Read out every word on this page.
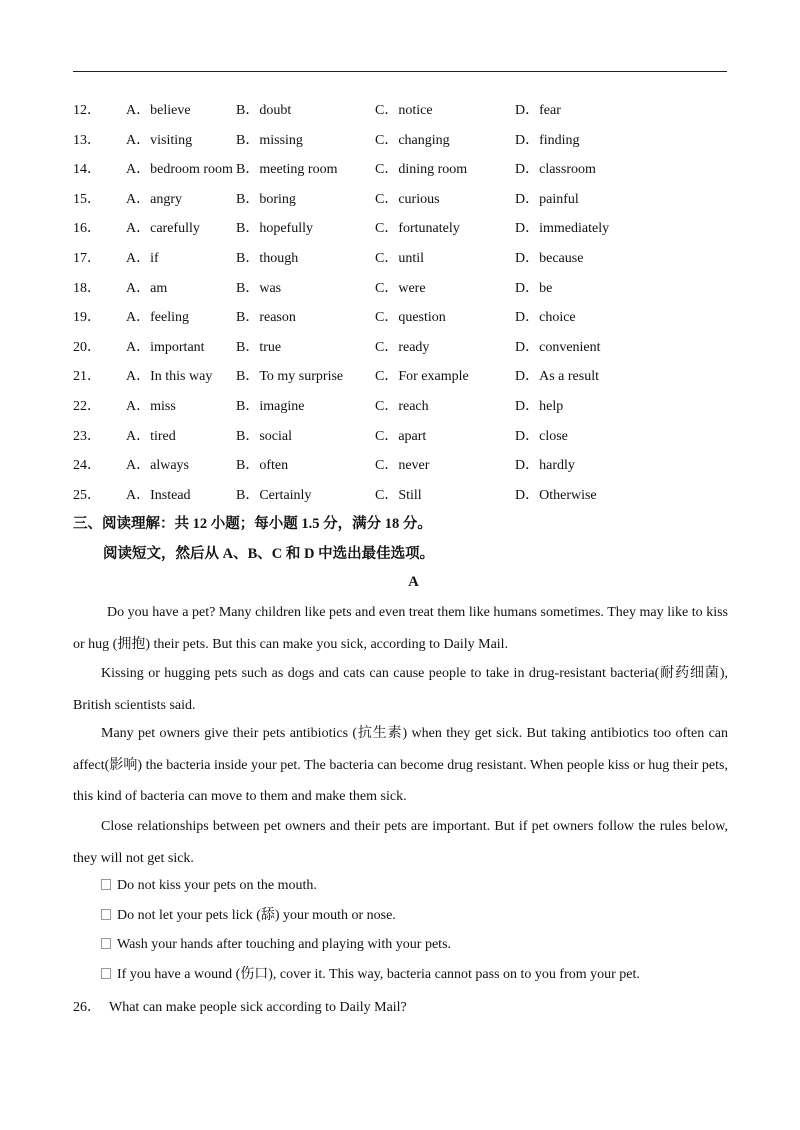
12． A．believe	B．doubt	C．notice	D．fear
13． A．visiting	B．missing	C．changing	D．finding
14． A．bedroom room B．meeting room	C．dining room	D．classroom
15． A．angry	B．boring	C．curious	D．painful
16． A．carefully	B．hopefully	C．fortunately	D．immediately
17． A．if	B．though	C．until	D．because
18． A．am	B．was	C．were	D．be
19． A．feeling	B．reason	C．question	D．choice
20． A．important B．true	C．ready	D．convenient
21． A．In this way B．To my surprise C．For example	D．As a result
22． A．miss	B．imagine	C．reach	D．help
23． A．tired	B．social	C．apart	D．close
24． A．always	B．often	C．never	D．hardly
25． A．Instead	B．Certainly	C．Still	D．Otherwise
三、阅读理解：共 12 小题；每小题 1.5 分，满分 18 分。
阅读短文，然后从 A、B、C 和 D 中选出最佳选项。
A

Do you have a pet? Many children like pets and even treat them like humans sometimes. They may like to kiss or hug (拥抱) their pets. But this can make you sick, according to Daily Mail.

Kissing or hugging pets such as dogs and cats can cause people to take in drug-resistant bacteria(耐药细菌), British scientists said.

Many pet owners give their pets antibiotics (抗生素) when they get sick. But taking antibiotics too often can affect(影响) the bacteria inside your pet. The bacteria can become drug resistant. When people kiss or hug their pets, this kind of bacteria can move to them and make them sick.

Close relationships between pet owners and their pets are important. But if pet owners follow the rules below, they will not get sick.

Do not kiss your pets on the mouth.
Do not let your pets lick (舔) your mouth or nose.
Wash your hands after touching and playing with your pets.
If you have a wound (伤口), cover it. This way, bacteria cannot pass on to you from your pet.
26． What can make people sick according to Daily Mail?
